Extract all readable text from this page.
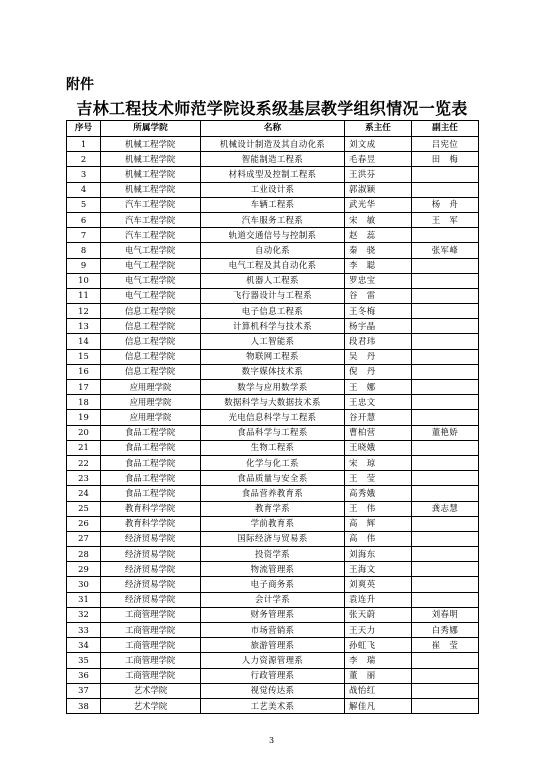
附件
吉林工程技术师范学院设系级基层教学组织情况一览表
序号	所属学院	名称	系主任	副主任
1	机械工程学院	机械设计制造及其自动化系	刘文成	吕宪位
2	机械工程学院	智能制造工程系	毛春昱	田　梅
3	机械工程学院	材料成型及控制工程系	王洪芬	
4	机械工程学院	工业设计系	郭淑颖	
5	汽车工程学院	车辆工程系	武光华	杨　舟
6	汽车工程学院	汽车服务工程系	宋　敏	王　军
7	汽车工程学院	轨道交通信号与控制系	赵　蕊	
8	电气工程学院	自动化系	秦　骁	张军峰
9	电气工程学院	电气工程及其自动化系	李　聪	
10	电气工程学院	机器人工程系	罗忠宝	
11	电气工程学院	飞行器设计与工程系	谷　雷	
12	信息工程学院	电子信息工程系	王冬梅	
13	信息工程学院	计算机科学与技术系	杨宇晶	
14	信息工程学院	人工智能系	段君玮	
15	信息工程学院	物联网工程系	吴　丹	
16	信息工程学院	数字媒体技术系	倪　丹	
17	应用理学院	数学与应用数学系	王　娜	
18	应用理学院	数据科学与大数据技术系	王忠文	
19	应用理学院	光电信息科学与工程系	谷开慧	
20	食品工程学院	食品科学与工程系	曹柏营	董艳娇
21	食品工程学院	生物工程系	王晓娥	
22	食品工程学院	化学与化工系	宋　琼	
23	食品工程学院	食品质量与安全系	王　莹	
24	食品工程学院	食品营养教育系	高秀娥	
25	教育科学学院	教育学系	王　伟	龚志慧
26	教育科学学院	学前教育系	高　辉	
27	经济贸易学院	国际经济与贸易系	高　伟	
28	经济贸易学院	投资学系	刘海东	
29	经济贸易学院	物流管理系	王海文	
30	经济贸易学院	电子商务系	刘爽英	
31	经济贸易学院	会计学系	袁连升	
32	工商管理学院	财务管理系	张天蔚	刘春明
33	工商管理学院	市场营销系	王天力	白秀娜
34	工商管理学院	旅游管理系	孙虹飞	崔　莹
35	工商管理学院	人力资源管理系	李　瑞	
36	工商管理学院	行政管理系	董　丽	
37	艺术学院	视觉传达系	战怡红	
38	艺术学院	工艺美术系	解佳凡	
3
